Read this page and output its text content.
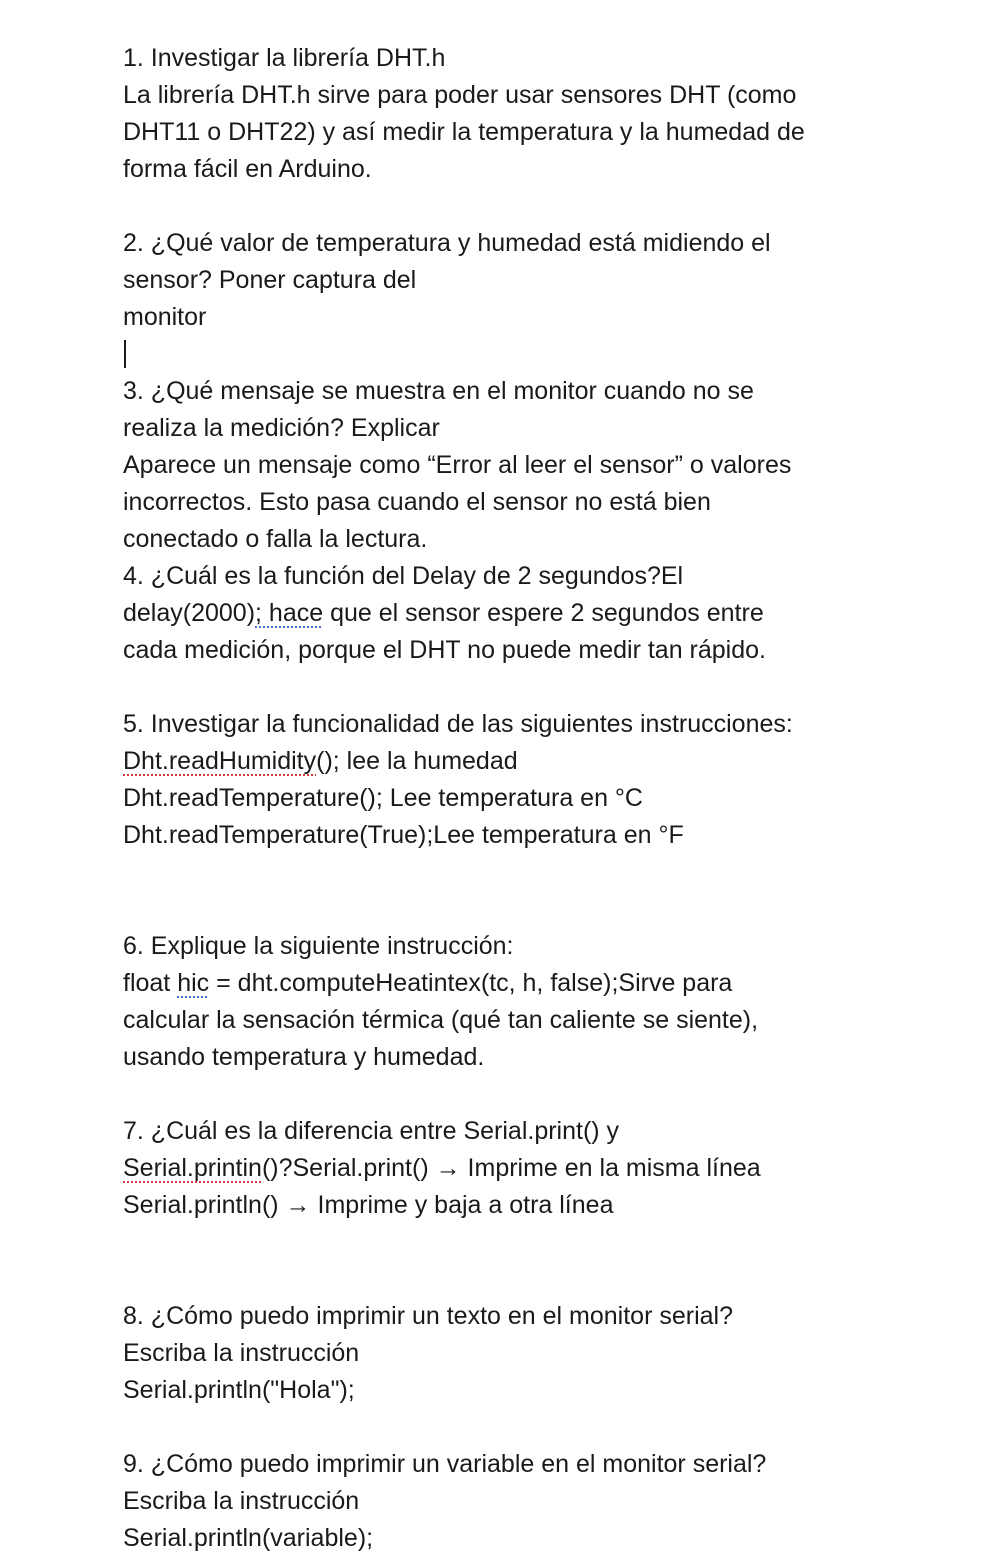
1. Investigar la librería DHT.h
La librería DHT.h sirve para poder usar sensores DHT (como
DHT11 o DHT22) y así medir la temperatura y la humedad de
forma fácil en Arduino.
2. ¿Qué valor de temperatura y humedad está midiendo el
sensor? Poner captura del
monitor
3. ¿Qué mensaje se muestra en el monitor cuando no se
realiza la medición? Explicar
Aparece un mensaje como “Error al leer el sensor” o valores
incorrectos. Esto pasa cuando el sensor no está bien
conectado o falla la lectura.
4. ¿Cuál es la función del Delay de 2 segundos?El
delay(2000); hace que el sensor espere 2 segundos entre
cada medición, porque el DHT no puede medir tan rápido.
5. Investigar la funcionalidad de las siguientes instrucciones:
Dht.readHumidity(); lee la humedad
Dht.readTemperature(); Lee temperatura en °C
Dht.readTemperature(True);Lee temperatura en °F
6. Explique la siguiente instrucción:
float hic = dht.computeHeatintex(tc, h, false);Sirve para
calcular la sensación térmica (qué tan caliente se siente),
usando temperatura y humedad.
7. ¿Cuál es la diferencia entre Serial.print() y
Serial.printin()?Serial.print() → Imprime en la misma línea
Serial.println() → Imprime y baja a otra línea
8. ¿Cómo puedo imprimir un texto en el monitor serial?
Escriba la instrucción
Serial.println("Hola");
9. ¿Cómo puedo imprimir un variable en el monitor serial?
Escriba la instrucción
Serial.println(variable);
